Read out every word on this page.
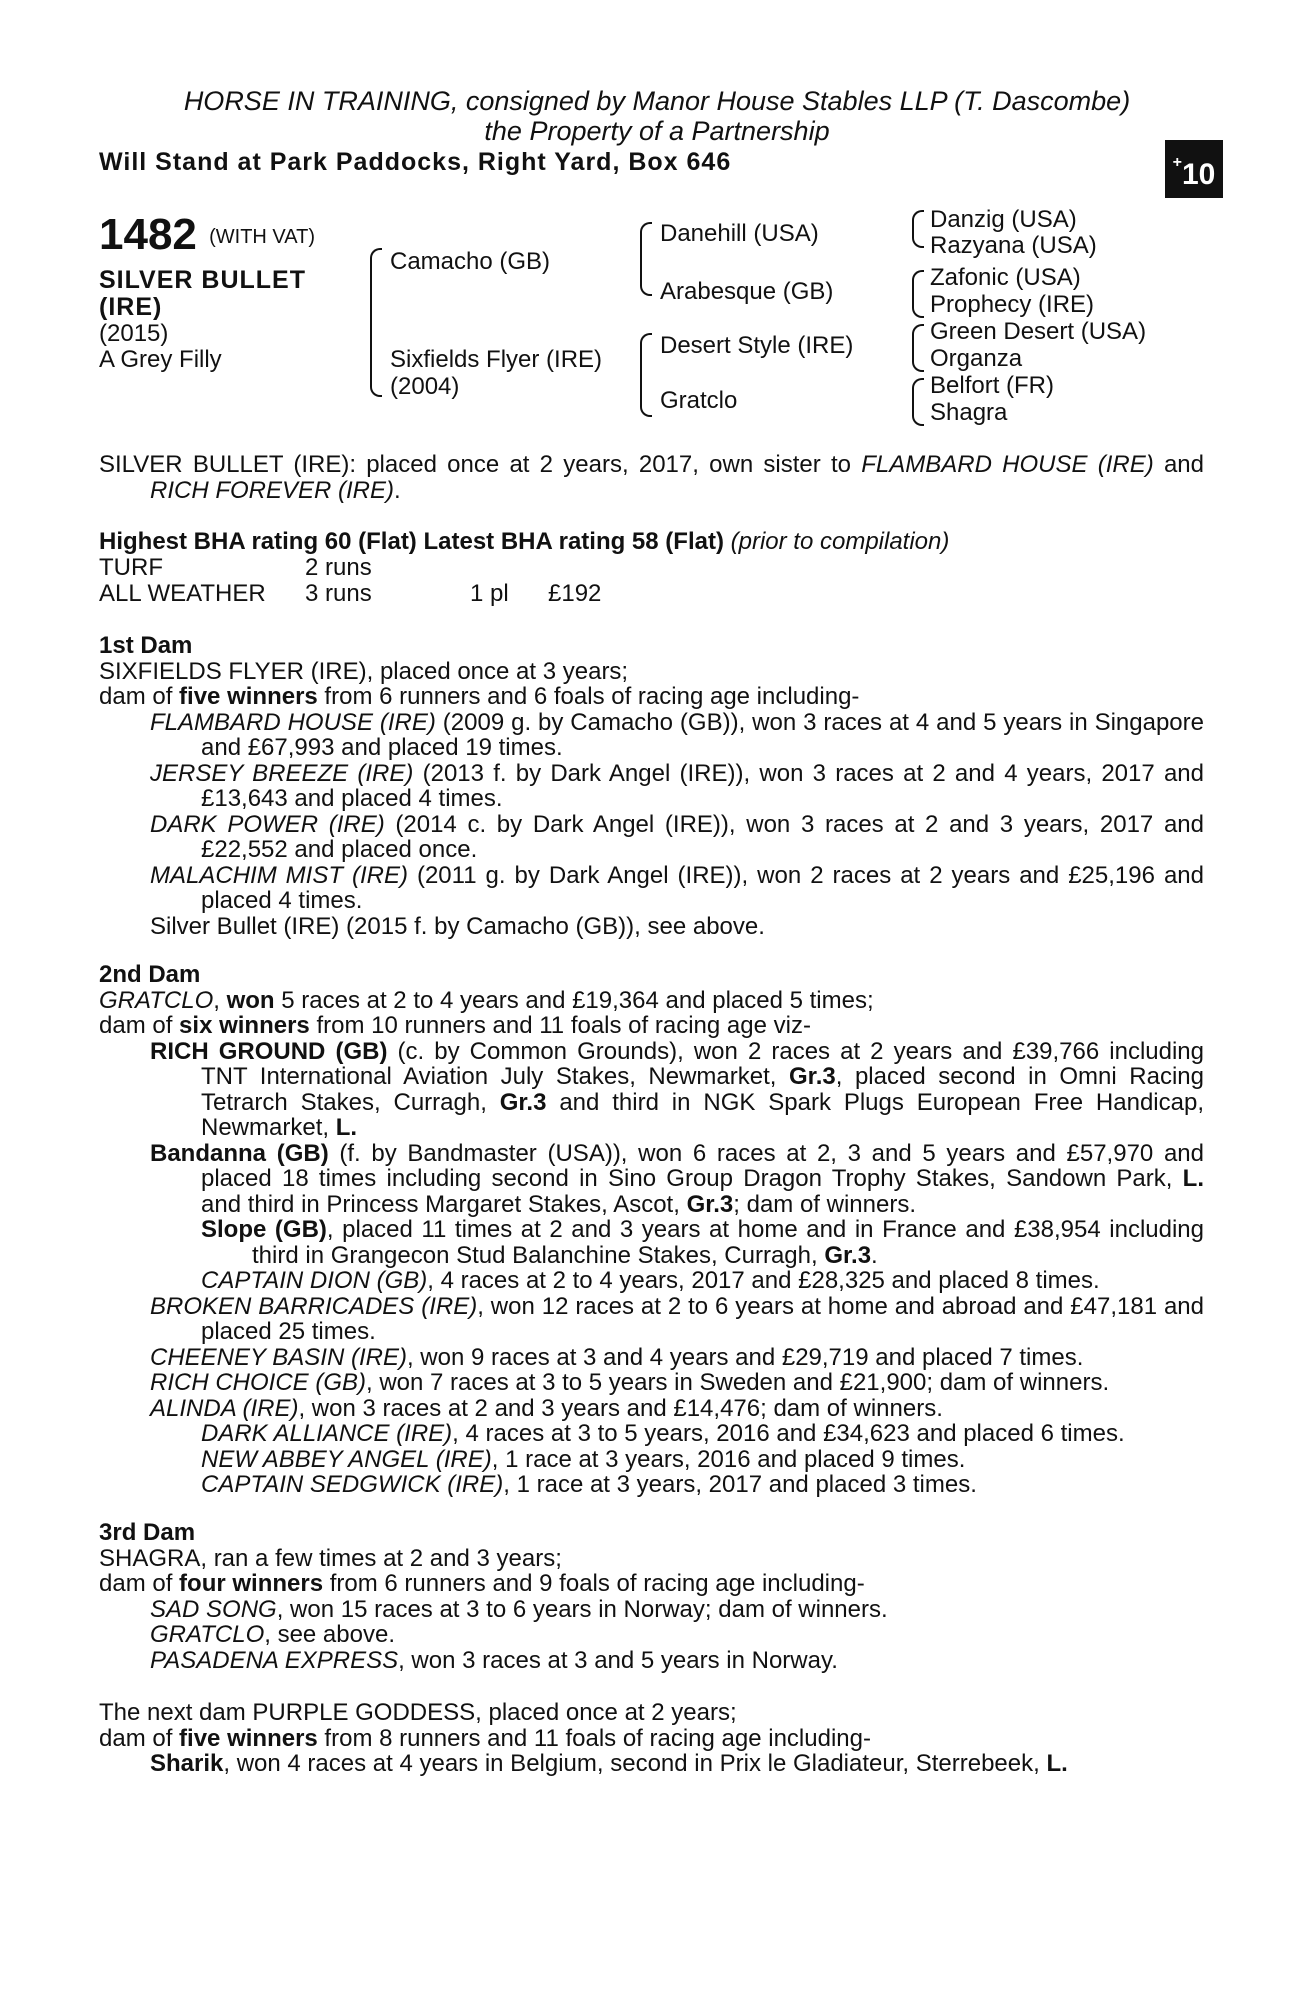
HORSE IN TRAINING, consigned by Manor House Stables LLP (T. Dascombe)
the Property of a Partnership
Will Stand at Park Paddocks, Right Yard, Box 646	+10
1482 (WITH VAT)
SILVER BULLET
(IRE)
(2015)
A Grey Filly
Camacho (GB)
Sixfields Flyer (IRE)
(2004)
Danehill (USA)
Arabesque (GB)
Desert Style (IRE)
Gratclo
Danzig (USA)
Razyana (USA)
Zafonic (USA)
Prophecy (IRE)
Green Desert (USA)
Organza
Belfort (FR)
Shagra

SILVER BULLET (IRE): placed once at 2 years, 2017, own sister to FLAMBARD HOUSE (IRE) and RICH FOREVER (IRE).

Highest BHA rating 60 (Flat) Latest BHA rating 58 (Flat) (prior to compilation)
TURF	2 runs
ALL WEATHER 3 runs	1 pl £192

1st Dam

SIXFIELDS FLYER (IRE), placed once at 3 years;

dam of five winners from 6 runners and 6 foals of racing age including-

FLAMBARD HOUSE (IRE) (2009 g. by Camacho (GB)), won 3 races at 4 and 5 years in Singapore and £67,993 and placed 19 times.

JERSEY BREEZE (IRE) (2013 f. by Dark Angel (IRE)), won 3 races at 2 and 4 years, 2017 and £13,643 and placed 4 times.

DARK POWER (IRE) (2014 c. by Dark Angel (IRE)), won 3 races at 2 and 3 years, 2017 and £22,552 and placed once.

MALACHIM MIST (IRE) (2011 g. by Dark Angel (IRE)), won 2 races at 2 years and £25,196 and placed 4 times.

Silver Bullet (IRE) (2015 f. by Camacho (GB)), see above.

2nd Dam

GRATCLO, won 5 races at 2 to 4 years and £19,364 and placed 5 times;

dam of six winners from 10 runners and 11 foals of racing age viz-

RICH GROUND (GB) (c. by Common Grounds), won 2 races at 2 years and £39,766 including TNT International Aviation July Stakes, Newmarket, Gr.3, placed second in Omni Racing Tetrarch Stakes, Curragh, Gr.3 and third in NGK Spark Plugs European Free Handicap, Newmarket, L.

Bandanna (GB) (f. by Bandmaster (USA)), won 6 races at 2, 3 and 5 years and £57,970 and placed 18 times including second in Sino Group Dragon Trophy Stakes, Sandown Park, L. and third in Princess Margaret Stakes, Ascot, Gr.3; dam of winners.

Slope (GB), placed 11 times at 2 and 3 years at home and in France and £38,954 including third in Grangecon Stud Balanchine Stakes, Curragh, Gr.3.

CAPTAIN DION (GB), 4 races at 2 to 4 years, 2017 and £28,325 and placed 8 times.

BROKEN BARRICADES (IRE), won 12 races at 2 to 6 years at home and abroad and £47,181 and placed 25 times.

CHEENEY BASIN (IRE), won 9 races at 3 and 4 years and £29,719 and placed 7 times.

RICH CHOICE (GB), won 7 races at 3 to 5 years in Sweden and £21,900; dam of winners.

ALINDA (IRE), won 3 races at 2 and 3 years and £14,476; dam of winners.

DARK ALLIANCE (IRE), 4 races at 3 to 5 years, 2016 and £34,623 and placed 6 times.

NEW ABBEY ANGEL (IRE), 1 race at 3 years, 2016 and placed 9 times.

CAPTAIN SEDGWICK (IRE), 1 race at 3 years, 2017 and placed 3 times.

3rd Dam

SHAGRA, ran a few times at 2 and 3 years;

dam of four winners from 6 runners and 9 foals of racing age including-

SAD SONG, won 15 races at 3 to 6 years in Norway; dam of winners.

GRATCLO, see above.

PASADENA EXPRESS, won 3 races at 3 and 5 years in Norway.

The next dam PURPLE GODDESS, placed once at 2 years;

dam of five winners from 8 runners and 11 foals of racing age including-

Sharik, won 4 races at 4 years in Belgium, second in Prix le Gladiateur, Sterrebeek, L.
